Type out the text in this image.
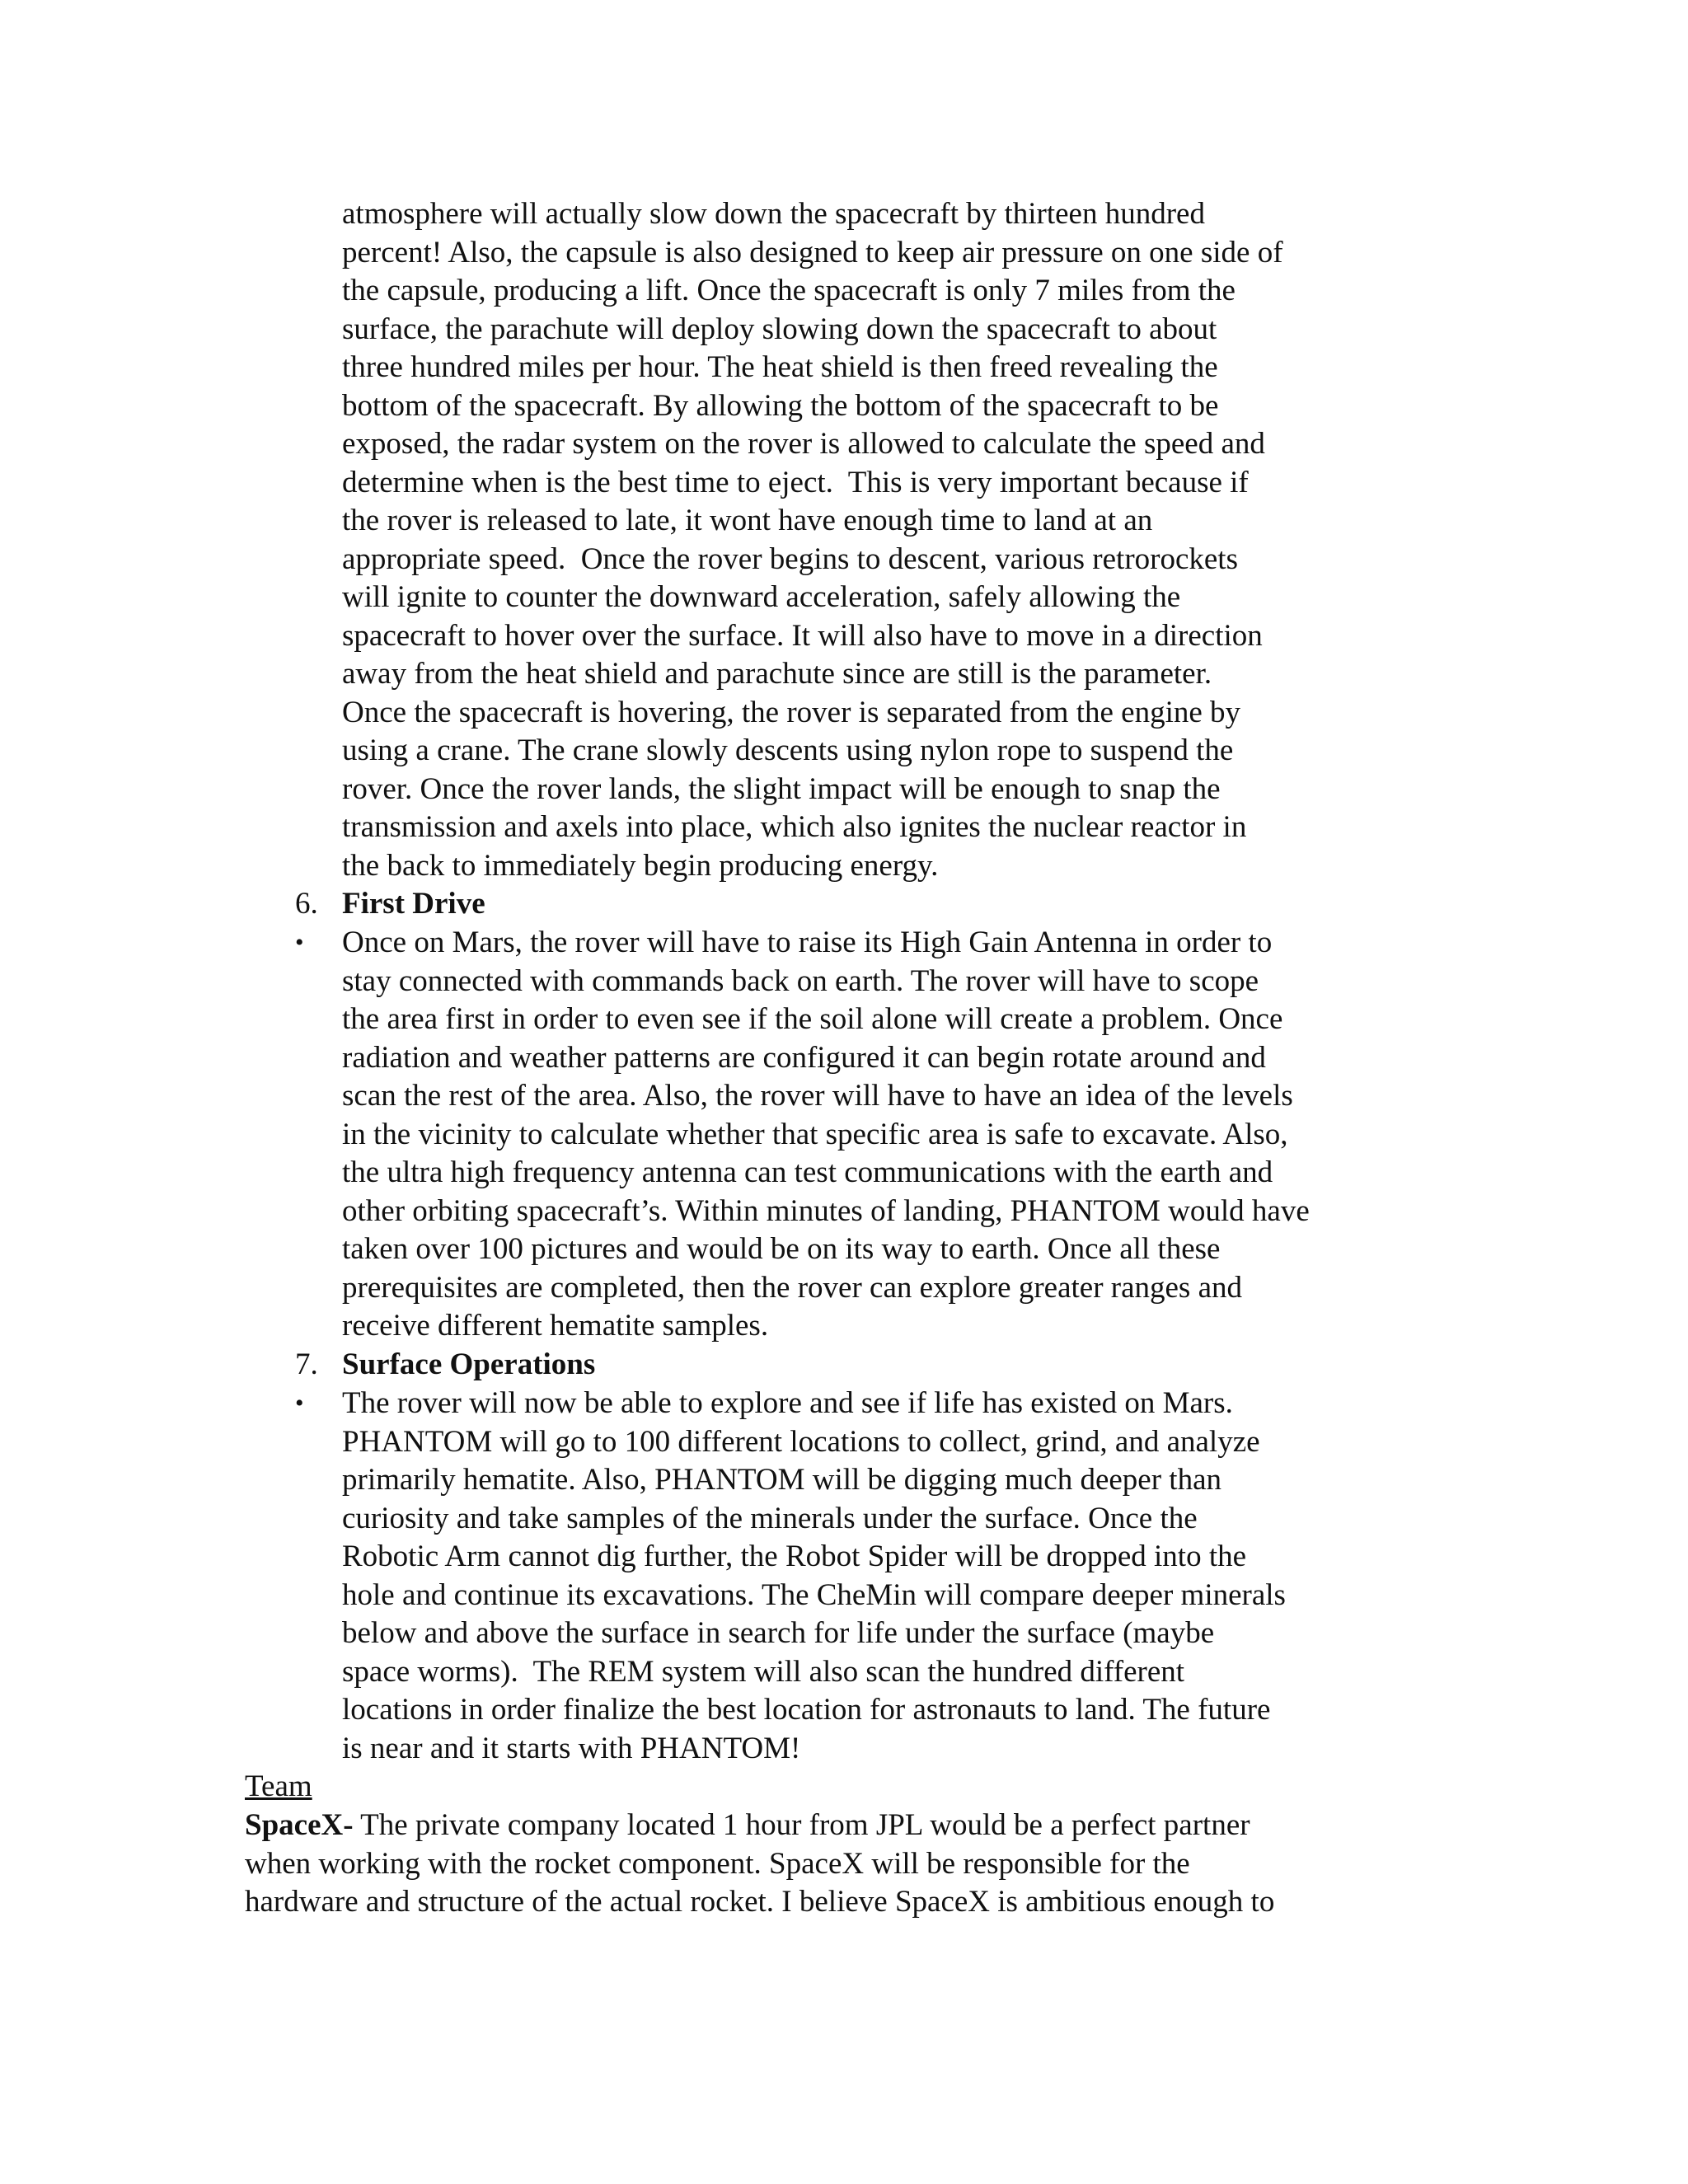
atmosphere will actually slow down the spacecraft by thirteen hundred
percent! Also, the capsule is also designed to keep air pressure on one side of
the capsule, producing a lift. Once the spacecraft is only 7 miles from the
surface, the parachute will deploy slowing down the spacecraft to about
three hundred miles per hour. The heat shield is then freed revealing the
bottom of the spacecraft. By allowing the bottom of the spacecraft to be
exposed, the radar system on the rover is allowed to calculate the speed and
determine when is the best time to eject.  This is very important because if
the rover is released to late, it wont have enough time to land at an
appropriate speed.  Once the rover begins to descent, various retrorockets
will ignite to counter the downward acceleration, safely allowing the
spacecraft to hover over the surface. It will also have to move in a direction
away from the heat shield and parachute since are still is the parameter.
Once the spacecraft is hovering, the rover is separated from the engine by
using a crane. The crane slowly descents using nylon rope to suspend the
rover. Once the rover lands, the slight impact will be enough to snap the
transmission and axels into place, which also ignites the nuclear reactor in
the back to immediately begin producing energy.

6. First Drive

• Once on Mars, the rover will have to raise its High Gain Antenna in order to
stay connected with commands back on earth. The rover will have to scope
the area first in order to even see if the soil alone will create a problem. Once
radiation and weather patterns are configured it can begin rotate around and
scan the rest of the area. Also, the rover will have to have an idea of the levels
in the vicinity to calculate whether that specific area is safe to excavate. Also,
the ultra high frequency antenna can test communications with the earth and
other orbiting spacecraft’s. Within minutes of landing, PHANTOM would have
taken over 100 pictures and would be on its way to earth. Once all these
prerequisites are completed, then the rover can explore greater ranges and
receive different hematite samples.

7. Surface Operations

• The rover will now be able to explore and see if life has existed on Mars.
PHANTOM will go to 100 different locations to collect, grind, and analyze
primarily hematite. Also, PHANTOM will be digging much deeper than
curiosity and take samples of the minerals under the surface. Once the
Robotic Arm cannot dig further, the Robot Spider will be dropped into the
hole and continue its excavations. The CheMin will compare deeper minerals
below and above the surface in search for life under the surface (maybe
space worms).  The REM system will also scan the hundred different
locations in order finalize the best location for astronauts to land. The future
is near and it starts with PHANTOM!

Team

SpaceX- The private company located 1 hour from JPL would be a perfect partner
when working with the rocket component. SpaceX will be responsible for the
hardware and structure of the actual rocket. I believe SpaceX is ambitious enough to
